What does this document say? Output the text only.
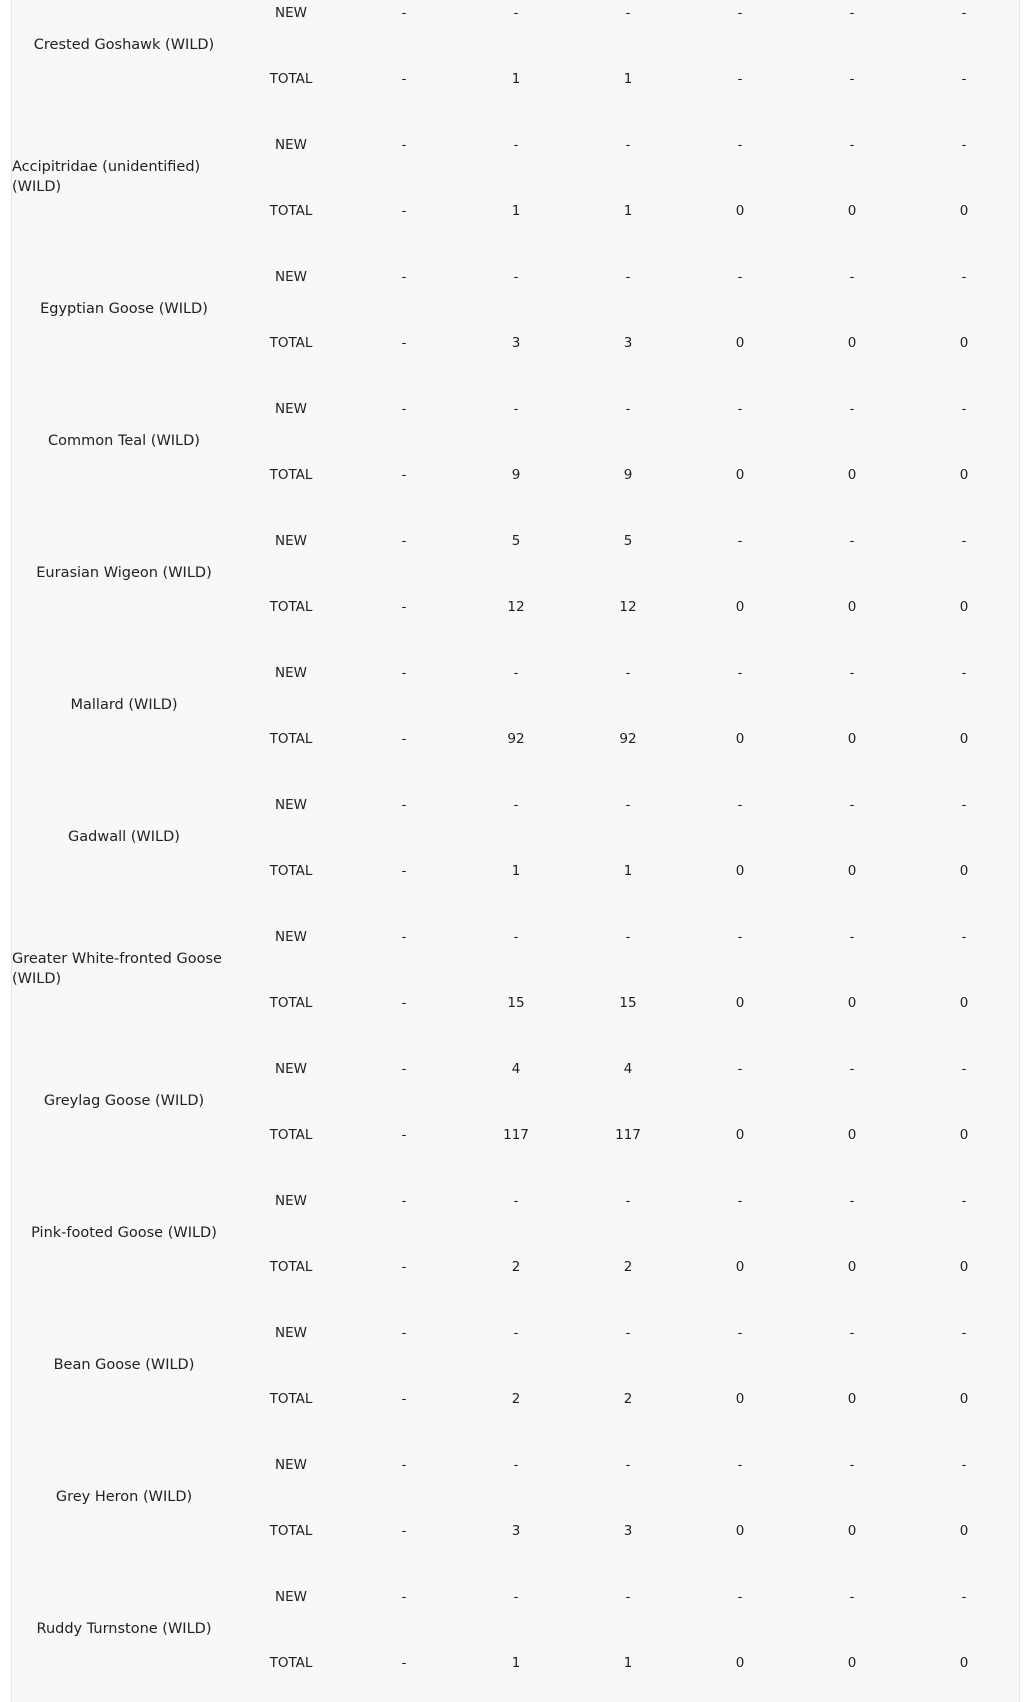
Crested Goshawk (WILD)
NEW	-	-	-	-	-	-
TOTAL	-	1	1	-	-	-
Accipitridae (unidentified) (WILD)
NEW	-	-	-	-	-	-
TOTAL	-	1	1	0	0	0
Egyptian Goose (WILD)
NEW	-	-	-	-	-	-
TOTAL	-	3	3	0	0	0
Common Teal (WILD)
NEW	-	-	-	-	-	-
TOTAL	-	9	9	0	0	0
Eurasian Wigeon (WILD)
NEW	-	5	5	-	-	-
TOTAL	-	12	12	0	0	0
Mallard (WILD)
NEW	-	-	-	-	-	-
TOTAL	-	92	92	0	0	0
Gadwall (WILD)
NEW	-	-	-	-	-	-
TOTAL	-	1	1	0	0	0
Greater White-fronted Goose (WILD)
NEW	-	-	-	-	-	-
TOTAL	-	15	15	0	0	0
Greylag Goose (WILD)
NEW	-	4	4	-	-	-
TOTAL	-	117	117	0	0	0
Pink-footed Goose (WILD)
NEW	-	-	-	-	-	-
TOTAL	-	2	2	0	0	0
Bean Goose (WILD)
NEW	-	-	-	-	-	-
TOTAL	-	2	2	0	0	0
Grey Heron (WILD)
NEW	-	-	-	-	-	-
TOTAL	-	3	3	0	0	0
Ruddy Turnstone (WILD)
NEW	-	-	-	-	-	-
TOTAL	-	1	1	0	0	0
